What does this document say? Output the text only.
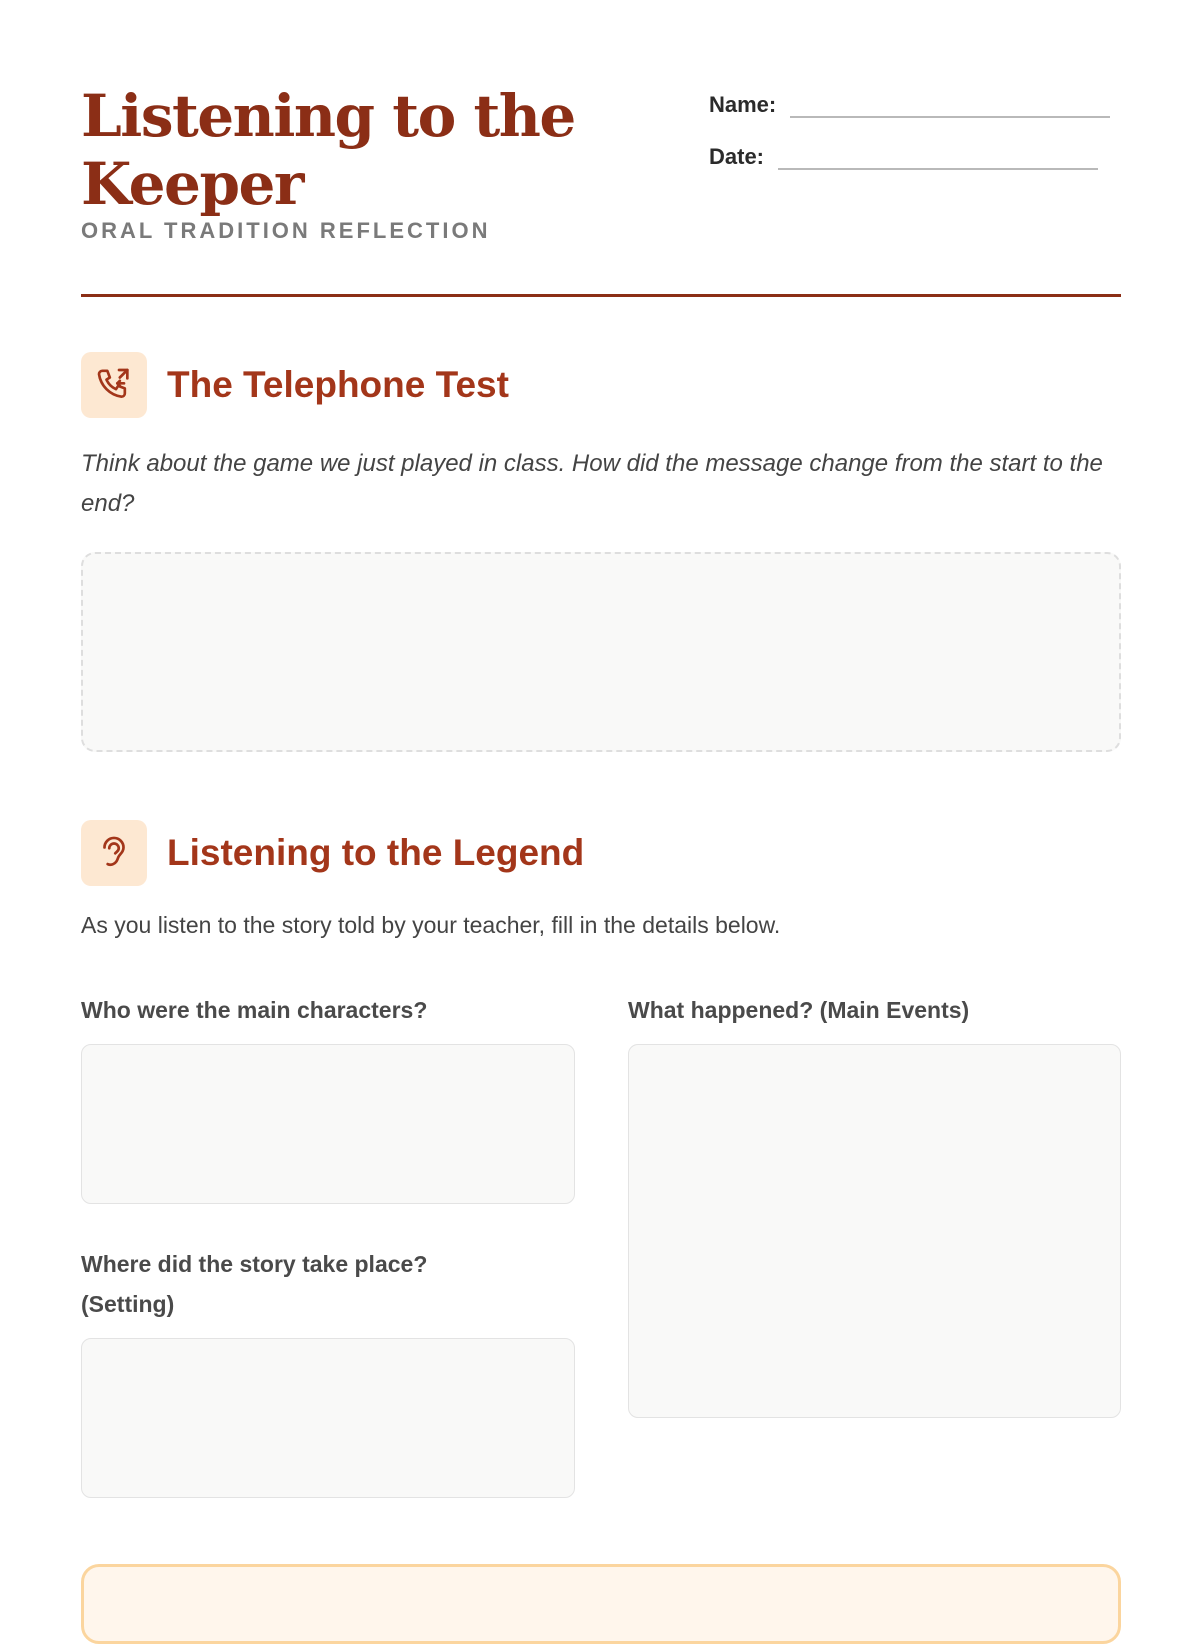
Listening to the Keeper
ORAL TRADITION REFLECTION
Name:
Date:
The Telephone Test
Think about the game we just played in class. How did the message change from the start to the end?
Listening to the Legend
As you listen to the story told by your teacher, fill in the details below.
Who were the main characters?	What happened? (Main Events)
Where did the story take place? (Setting)
